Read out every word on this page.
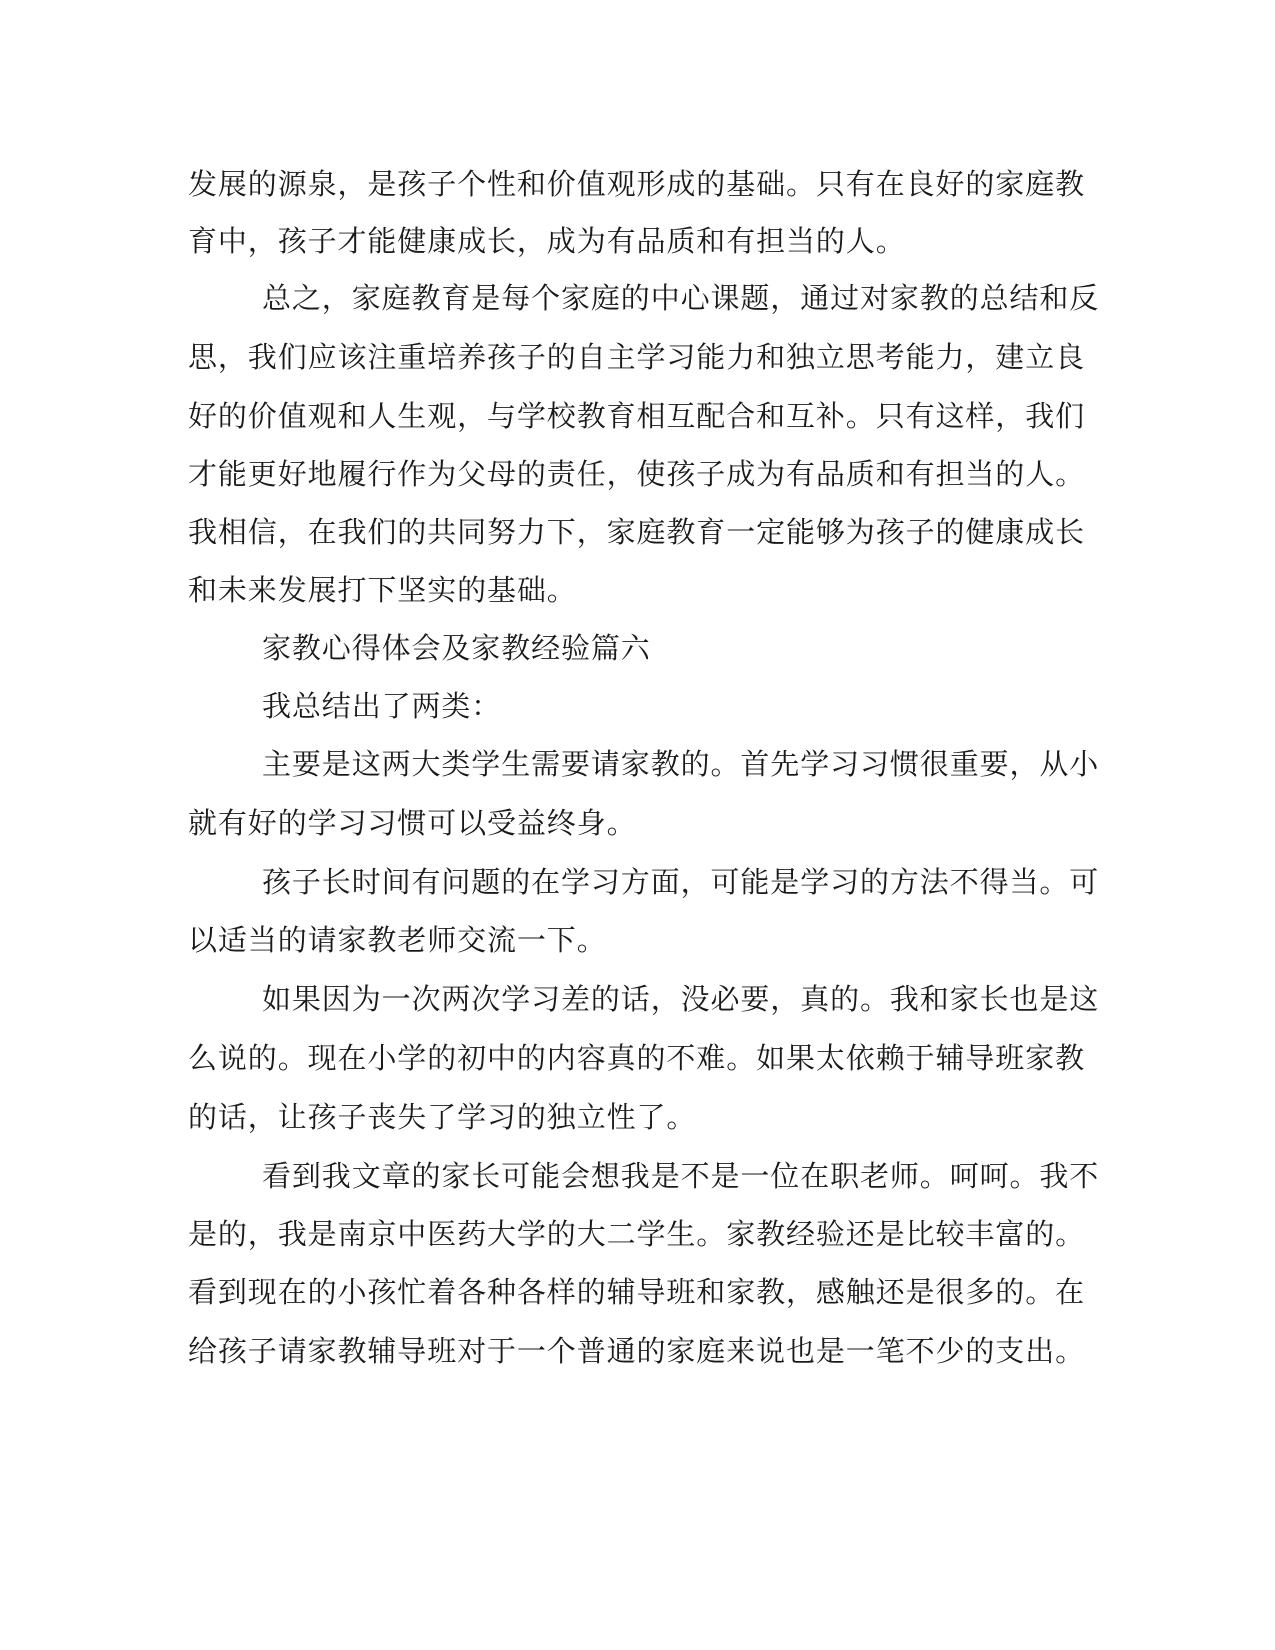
发展的源泉，是孩子个性和价值观形成的基础。只有在良好的家庭教
育中，孩子才能健康成长，成为有品质和有担当的人。
总之，家庭教育是每个家庭的中心课题，通过对家教的总结和反
思，我们应该注重培养孩子的自主学习能力和独立思考能力，建立良
好的价值观和人生观，与学校教育相互配合和互补。只有这样，我们
才能更好地履行作为父母的责任，使孩子成为有品质和有担当的人。
我相信，在我们的共同努力下，家庭教育一定能够为孩子的健康成长
和未来发展打下坚实的基础。
家教心得体会及家教经验篇六
我总结出了两类：
主要是这两大类学生需要请家教的。首先学习习惯很重要，从小
就有好的学习习惯可以受益终身。
孩子长时间有问题的在学习方面，可能是学习的方法不得当。可
以适当的请家教老师交流一下。
如果因为一次两次学习差的话，没必要，真的。我和家长也是这
么说的。现在小学的初中的内容真的不难。如果太依赖于辅导班家教
的话，让孩子丧失了学习的独立性了。
看到我文章的家长可能会想我是不是一位在职老师。呵呵。我不
是的，我是南京中医药大学的大二学生。家教经验还是比较丰富的。
看到现在的小孩忙着各种各样的辅导班和家教，感触还是很多的。在
给孩子请家教辅导班对于一个普通的家庭来说也是一笔不少的支出。
